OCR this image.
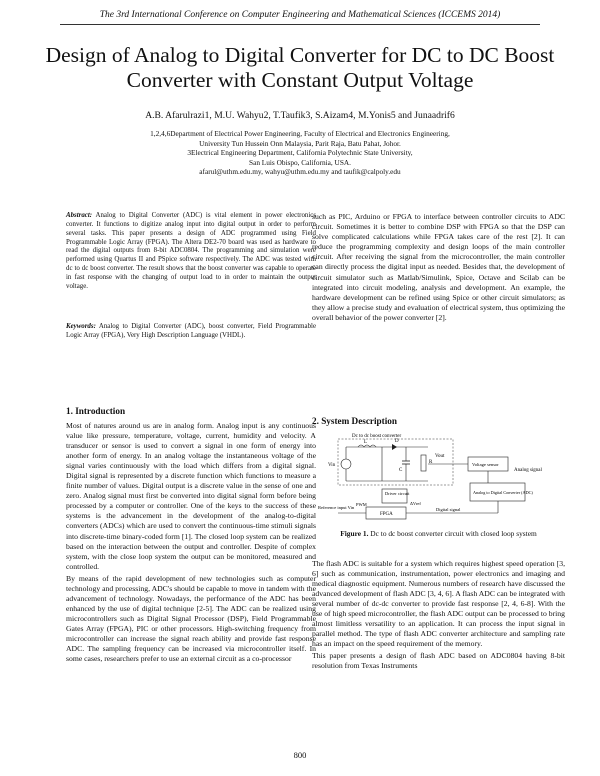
The 3rd International Conference on Computer Engineering and Mathematical Sciences (ICCEMS 2014)
Design of Analog to Digital Converter for DC to DC Boost Converter with Constant Output Voltage
A.B. Afarulrazi1, M.U. Wahyu2, T.Taufik3, S.Aizam4, M.Yonis5 and Junaadrif6
1,2,4,6Department of Electrical Power Engineering, Faculty of Electrical and Electronics Engineering,
University Tun Hussein Onn Malaysia, Parit Raja, Batu Pahat, Johor.
3Electrical Engineering Department, California Polytechnic State University,
San Luis Obispo, California, USA.
afarul@uthm.edu.my, wahyu@uthm.edu.my and taufik@calpoly.edu
Abstract: Analog to Digital Converter (ADC) is vital element in power electronics converter. It functions to digitize analog input into digital output in order to perform several tasks. This paper presents a design of ADC programmed using Field Programmable Logic Array (FPGA). The Altera DE2-70 board was used as hardware to read the digital outputs from 8-bit ADC0804. The programming and simulation were performed using Quartus II and PSpice software respectively. The ADC was tested with dc to dc boost converter. The result shows that the boost converter was capable to operate in fast response with the changing of output load to in order to maintain the output voltage.
Keywords: Analog to Digital Converter (ADC), boost converter, Field Programmable Logic Array (FPGA), Very High Description Language (VHDL).
1. Introduction

Most of natures around us are in analog form. Analog input is any continuous value like pressure, temperature, voltage, current, humidity and velocity. A transducer or sensor is used to convert a signal in one form of energy into another form of energy. In an analog voltage the instantaneous voltage of the signal varies continuously with the load which differs from a digital signal. Digital signal is represented by a discrete function which functions to measure a finite number of values. Digital output is a discrete value in the sense of one and zero. Analog signal must first be converted into digital signal form before being processed by a computer or controller. One of the keys to the success of these systems is the advancement in the development of the analog-to-digital converters (ADCs) which are used to convert the continuous-time stimuli signals into discrete-time binary-coded form [1]. The closed loop system can be realized based on the interaction between the output and controller. Despite of complex system, with the close loop system the output can be monitored, measured and controlled.

By means of the rapid development of new technologies such as computer technology and processing, ADC's should be capable to move in tandem with the advancement of technology. Nowadays, the performance of the ADC has been enhanced by the use of digital technique [2-5]. The ADC can be realized using microcontrollers such as Digital Signal Processor (DSP), Field Programmable Gates Array (FPGA), PIC or other processors. High-switching frequency from microcontroller can increase the signal reach ability and provide fast response ADC. The sampling frequency can be increased via microcontroller itself. In some cases, researchers prefer to use an external circuit as a co-processor

such as PIC, Arduino or FPGA to interface between controller circuits to ADC circuit. Sometimes it is better to combine DSP with FPGA so that the DSP can solve complicated calculations while FPGA takes care of the rest [2]. It can reduce the programming complexity and design loops of the main controller circuit. After receiving the signal from the microcontroller, the main controller can directly process the digital input as needed. Besides that, the development of circuit simulator such as Matlab/Simulink, Spice, Octave and Scilab can be integrated into circuit modeling, analysis and development. An example, the hardware development can be refined using Spice or other circuit simulators; as they allow a precise study and evaluation of electrical system, thus optimizing the overall behavior of the power converter [2].
2. System Description
Dc to dc boost converter
Vin
L	D
C
R
Vout
Driver circuit
Voltage sensor
Analog signal
Analog to Digital Converter (ADC)
FPGA
PWM	ΔVref
Reference input Vin	Digital signal
Figure 1. Dc to dc boost converter circuit with closed loop system

The flash ADC is suitable for a system which requires highest speed operation [3, 6] such as communication, instrumentation, power electronics and imaging and medical diagnostic equipment. Numerous numbers of research have discussed the advanced development of flash ADC [3, 4, 6]. A flash ADC can be integrated with several number of dc-dc converter to provide fast response [2, 4, 6-8]. With the use of high speed microcontroller, the flash ADC output can be processed to bring almost limitless versatility to an application. It can process the input signal in parallel method. The type of flash ADC converter architecture and sampling rate has an impact on the speed requirement of the memory.

This paper presents a design of flash ADC based on ADC0804 having 8-bit resolution from Texas Instruments

800
